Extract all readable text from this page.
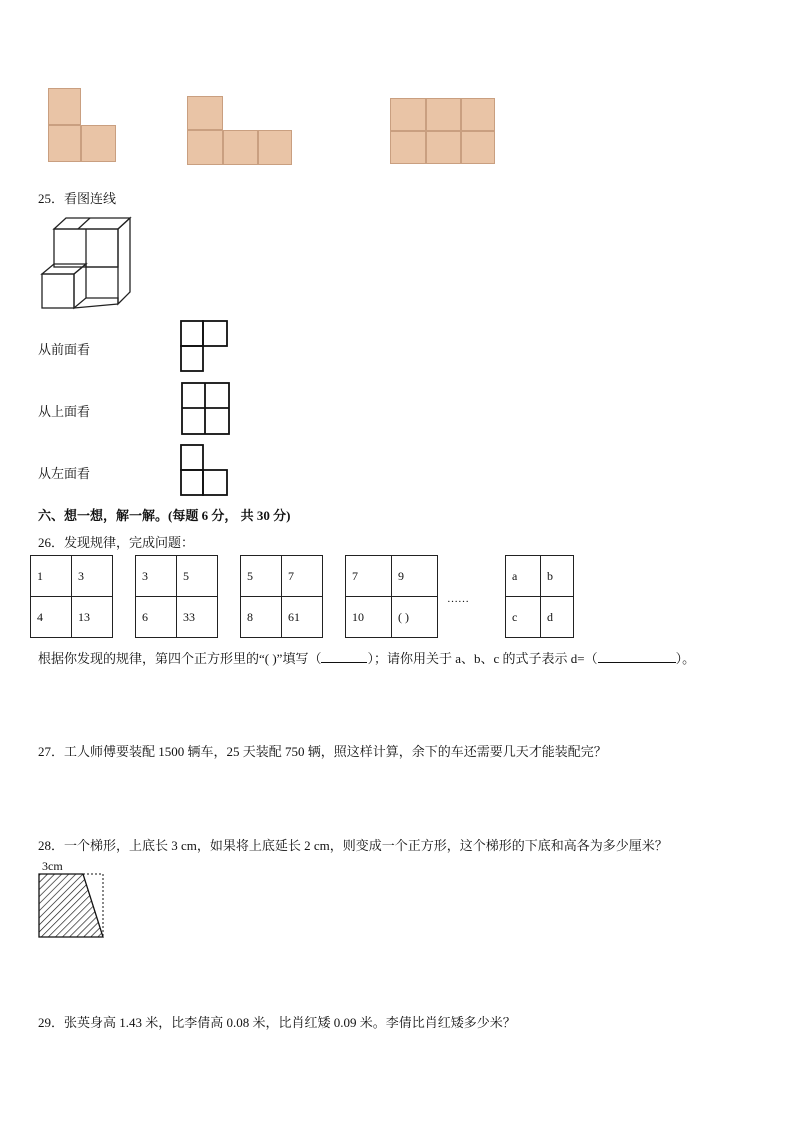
25．看图连线
从前面看
从上面看
从左面看
六、想一想，解一解。(每题 6 分， 共 30 分)
26．发现规律，完成问题：
1	3
4	13
3	5
6	33
5	7
8	61
7	9
10	( )
……
a	b
c	d
根据你发现的规律，第四个正方形里的“( )”填写（	）；请你用关于 a、b、c 的式子表示 d=（	）。
27．工人师傅要装配 1500 辆车，25 天装配 750 辆，照这样计算，余下的车还需要几天才能装配完？
28．一个梯形，上底长 3 cm，如果将上底延长 2 cm，则变成一个正方形，这个梯形的下底和高各为多少厘米？
3cm
29．张英身高 1.43 米，比李倩高 0.08 米，比肖红矮 0.09 米。李倩比肖红矮多少米？
